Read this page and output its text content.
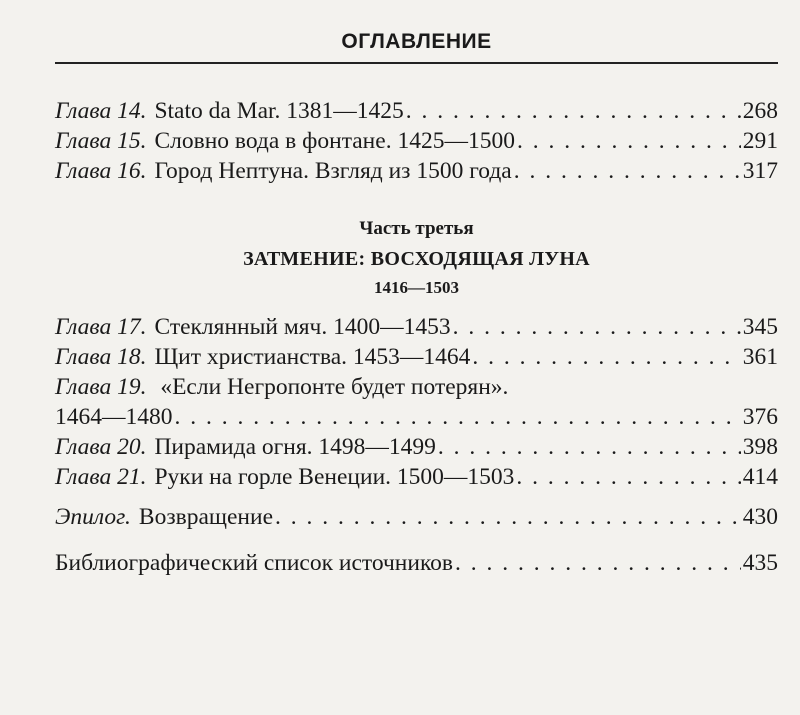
ОГЛАВЛЕНИЕ
Глава 14. Stato da Mar. 1381—1425 . . .	268
Глава 15. Словно вода в фонтане. 1425—1500 . . .	291
Глава 16. Город Нептуна. Взгляд из 1500 года . . .	317
Часть третья
ЗАТМЕНИЕ: ВОСХОДЯЩАЯ ЛУНА
1416—1503
Глава 17. Стеклянный мяч. 1400—1453 . . .	345
Глава 18. Щит христианства. 1453—1464 . . .	361
Глава 19. «Если Негропонте будет потерян».
1464—1480 . . .	376
Глава 20. Пирамида огня. 1498—1499 . . .	398
Глава 21. Руки на горле Венеции. 1500—1503 . . .	414
Эпилог. Возвращение . . .	430
Библиографический список источников . . .	435
